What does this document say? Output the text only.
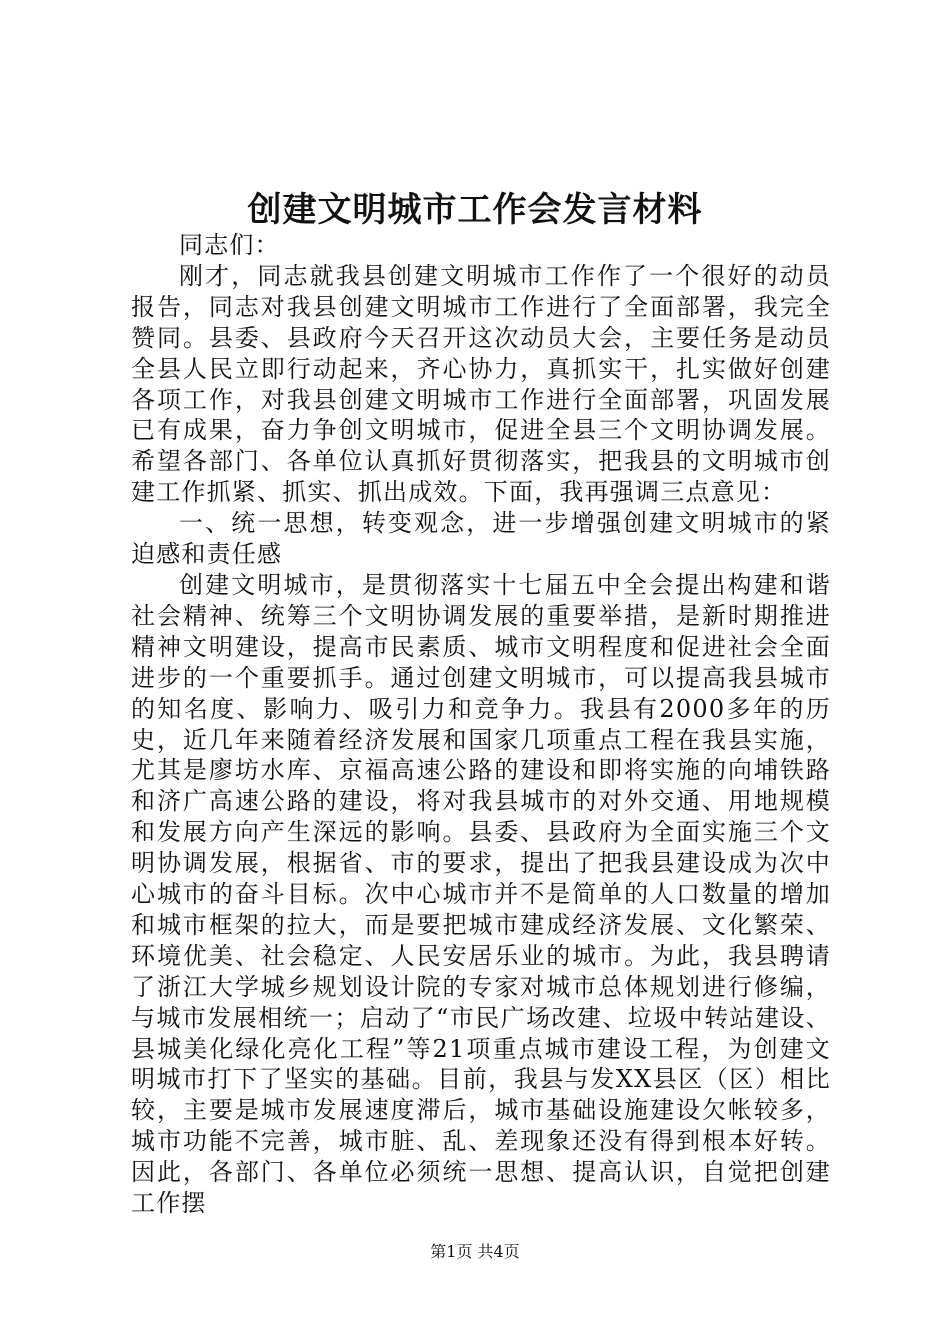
创建文明城市工作会发言材料

同志们：

刚才，同志就我县创建文明城市工作作了一个很好的动员报告，同志对我县创建文明城市工作进行了全面部署，我完全赞同。县委、县政府今天召开这次动员大会，主要任务是动员全县人民立即行动起来，齐心协力，真抓实干，扎实做好创建各项工作，对我县创建文明城市工作进行全面部署，巩固发展已有成果，奋力争创文明城市，促进全县三个文明协调发展。希望各部门、各单位认真抓好贯彻落实，把我县的文明城市创建工作抓紧、抓实、抓出成效。下面，我再强调三点意见：

一、统一思想，转变观念，进一步增强创建文明城市的紧迫感和责任感

创建文明城市，是贯彻落实十七届五中全会提出构建和谐社会精神、统筹三个文明协调发展的重要举措，是新时期推进精神文明建设，提高市民素质、城市文明程度和促进社会全面进步的一个重要抓手。通过创建文明城市，可以提高我县城市的知名度、影响力、吸引力和竞争力。我县有2000多年的历史，近几年来随着经济发展和国家几项重点工程在我县实施，尤其是廖坊水库、京福高速公路的建设和即将实施的向埔铁路和济广高速公路的建设，将对我县城市的对外交通、用地规模和发展方向产生深远的影响。县委、县政府为全面实施三个文明协调发展，根据省、市的要求，提出了把我县建设成为次中心城市的奋斗目标。次中心城市并不是简单的人口数量的增加和城市框架的拉大，而是要把城市建成经济发展、文化繁荣、环境优美、社会稳定、人民安居乐业的城市。为此，我县聘请了浙江大学城乡规划设计院的专家对城市总体规划进行修编，与城市发展相统一；启动了“市民广场改建、垃圾中转站建设、县城美化绿化亮化工程”等21项重点城市建设工程，为创建文明城市打下了坚实的基础。目前，我县与发XX县区（区）相比较，主要是城市发展速度滞后，城市基础设施建设欠帐较多，城市功能不完善，城市脏、乱、差现象还没有得到根本好转。因此，各部门、各单位必须统一思想、提高认识，自觉把创建工作摆

第1页 共4页
